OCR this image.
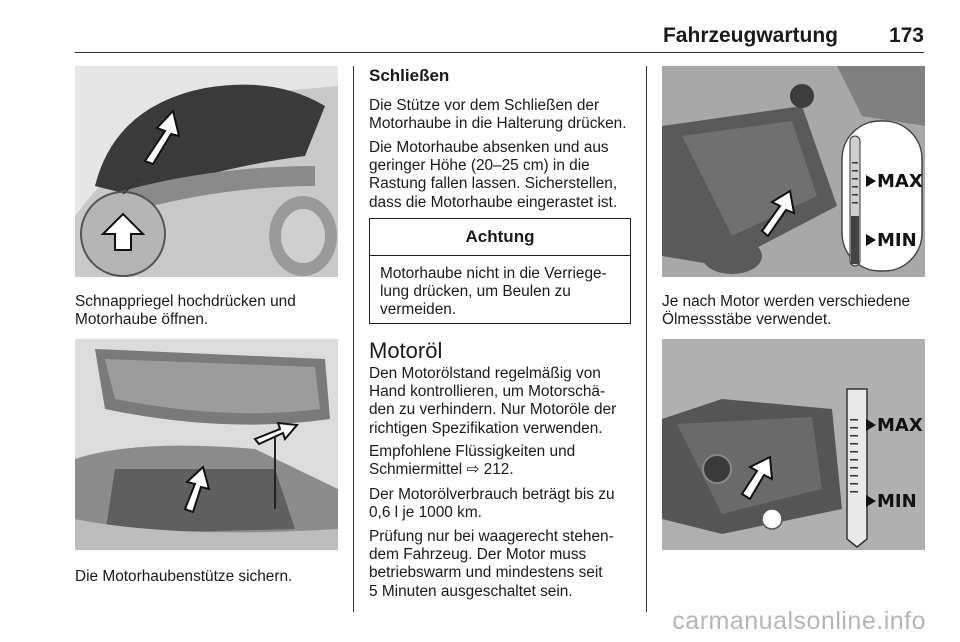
Fahrzeugwartung 173

Schnappriegel hochdrücken und

Motorhaube öffnen.

Die Motorhaubenstütze sichern.

Schließen

Die Stütze vor dem Schließen der

Motorhaube in die Halterung drücken.

Die Motorhaube absenken und aus

geringer Höhe (20–25 cm) in die

Rastung fallen lassen. Sicherstellen,

dass die Motorhaube eingerastet ist.

Achtung

Motorhaube nicht in die Verriege-

lung drücken, um Beulen zu

vermeiden.

Motoröl

Den Motorölstand regelmäßig von

Hand kontrollieren, um Motorschä-

den zu verhindern. Nur Motoröle der

richtigen Spezifikation verwenden.

Empfohlene Flüssigkeiten und

Schmiermittel ⇨ 212.

Der Motorölverbrauch beträgt bis zu

0,6 l je 1000 km.

Prüfung nur bei waagerecht stehen-

dem Fahrzeug. Der Motor muss

betriebswarm und mindestens seit

5 Minuten ausgeschaltet sein.

MAX
MIN

Je nach Motor werden verschiedene

Ölmessstäbe verwendet.

MAX
MIN
carmanualsonline.info
